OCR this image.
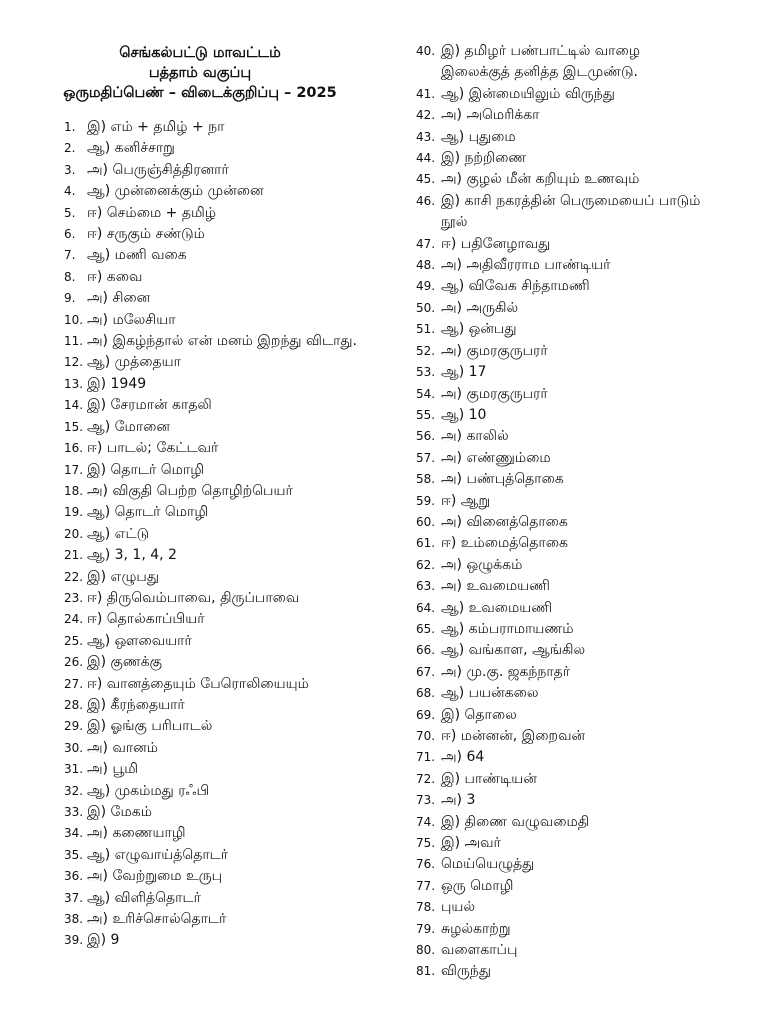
செங்கல்பட்டு மாவட்டம்
பத்தாம் வகுப்பு
ஒருமதிப்பெண் – விடைக்குறிப்பு – 2025
1. இ) எம் + தமிழ் + நா
2. ஆ) கனிச்சாறு
3. அ) பெருஞ்சித்திரனார்
4. ஆ) முன்னைக்கும் முன்னை
5. ஈ) செம்மை + தமிழ்
6. ஈ) சருகும் சண்டும்
7. ஆ) மணி வகை
8. ஈ) கவை
9. அ) சினை
10. அ) மலேசியா
11. அ) இகழ்ந்தால் என் மனம் இறந்து விடாது.
12. ஆ) முத்தையா
13. இ) 1949
14. இ) சேரமான் காதலி
15. ஆ) மோனை
16. ஈ) பாடல்; கேட்டவர்
17. இ) தொடர் மொழி
18. அ) விகுதி பெற்ற தொழிற்பெயர்
19. ஆ) தொடர் மொழி
20. ஆ) எட்டு
21. ஆ) 3, 1, 4, 2
22. இ) எழுபது
23. ஈ) திருவெம்பாவை, திருப்பாவை
24. ஈ) தொல்காப்பியர்
25. ஆ) ஔவையார்
26. இ) குணக்கு
27. ஈ) வானத்தையும் பேரொலியையும்
28. இ) கீரந்தையார்
29. இ) ஓங்கு பரிபாடல்
30. அ) வானம்
31. அ) பூமி
32. ஆ) முகம்மது ரஃபி
33. இ) மேகம்
34. அ) கணையாழி
35. ஆ) எழுவாய்த்தொடர்
36. அ) வேற்றுமை உருபு
37. ஆ) விளித்தொடர்
38. அ) உரிச்சொல்தொடர்
39. இ) 9
40. இ) தமிழர் பண்பாட்டில் வாழை இலைக்குத் தனித்த இடமுண்டு.
41. ஆ) இன்மையிலும் விருந்து
42. அ) அமெரிக்கா
43. ஆ) புதுமை
44. இ) நற்றிணை
45. அ) குழல் மீன் கறியும் உணவும்
46. இ) காசி நகரத்தின் பெருமையைப் பாடும் நூல்
47. ஈ) பதினேழாவது
48. அ) அதிவீரராம பாண்டியர்
49. ஆ) விவேக சிந்தாமணி
50. அ) அருகில்
51. ஆ) ஒன்பது
52. அ) குமரகுருபரர்
53. ஆ) 17
54. அ) குமரகுருபரர்
55. ஆ) 10
56. அ) காலில்
57. அ) எண்ணும்மை
58. அ) பண்புத்தொகை
59. ஈ) ஆறு
60. அ) வினைத்தொகை
61. ஈ) உம்மைத்தொகை
62. அ) ஒழுக்கம்
63. அ) உவமையணி
64. ஆ) உவமையணி
65. ஆ) கம்பராமாயணம்
66. ஆ) வங்காள, ஆங்கில
67. அ) மு.கு. ஜகந்நாதர்
68. ஆ) பயன்கலை
69. இ) தொலை
70. ஈ) மன்னன், இறைவன்
71. அ) 64
72. இ) பாண்டியன்
73. அ) 3
74. இ) திணை வழுவமைதி
75. இ) அவர்
76. மெய்யெழுத்து
77. ஒரு மொழி
78. புயல்
79. சுழல்காற்று
80. வளைகாப்பு
81. விருந்து
